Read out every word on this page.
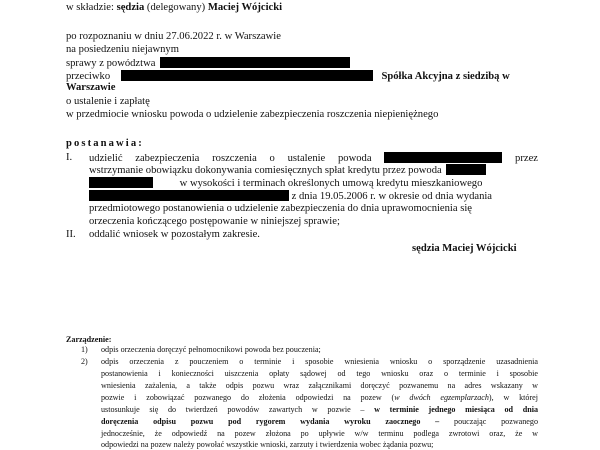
w składzie: sędzia (delegowany) Maciej Wójcicki
po rozpoznaniu w dniu 27.06.2022 r. w Warszawie
na posiedzeniu niejawnym
sprawy z powództwa
przeciwko	Spółka Akcyjna z siedzibą w
Warszawie
o ustalenie i zapłatę
w przedmiocie wniosku powoda o udzielenie zabezpieczenia roszczenia niepieniężnego
postanawia:
I. udzielić zabezpieczenia roszczenia o ustalenie powoda	przez
wstrzymanie obowiązku dokonywania comiesięcznych spłat kredytu przez powoda
w wysokości i terminach określonych umową kredytu mieszkaniowego
z dnia 19.05.2006 r. w okresie od dnia wydania
przedmiotowego postanowienia o udzielenie zabezpieczenia do dnia uprawomocnienia się
orzeczenia kończącego postępowanie w niniejszej sprawie;
II. oddalić wniosek w pozostałym zakresie.
sędzia Maciej Wójcicki
Zarządzenie:
1) odpis orzeczenia doręczyć pełnomocnikowi powoda bez pouczenia;
2) odpis orzeczenia z pouczeniem o terminie i sposobie wniesienia wniosku o sporządzenie uzasadnienia
postanowienia i konieczności uiszczenia opłaty sądowej od tego wniosku oraz o terminie i sposobie
wniesienia zażalenia, a także odpis pozwu wraz załącznikami doręczyć pozwanemu na adres wskazany w
pozwie i zobowiązać pozwanego do złożenia odpowiedzi na pozew (w dwóch egzemplarzach), w której
ustosunkuje się do twierdzeń powodów zawartych w pozwie – w terminie jednego miesiąca od dnia
doręczenia odpisu pozwu pod rygorem wydania wyroku zaocznego – pouczając pozwanego
jednocześnie, że odpowiedź na pozew złożona po upływie w/w terminu podlega zwrotowi oraz, że w
odpowiedzi na pozew należy powołać wszystkie wnioski, zarzuty i twierdzenia wobec żądania pozwu;
